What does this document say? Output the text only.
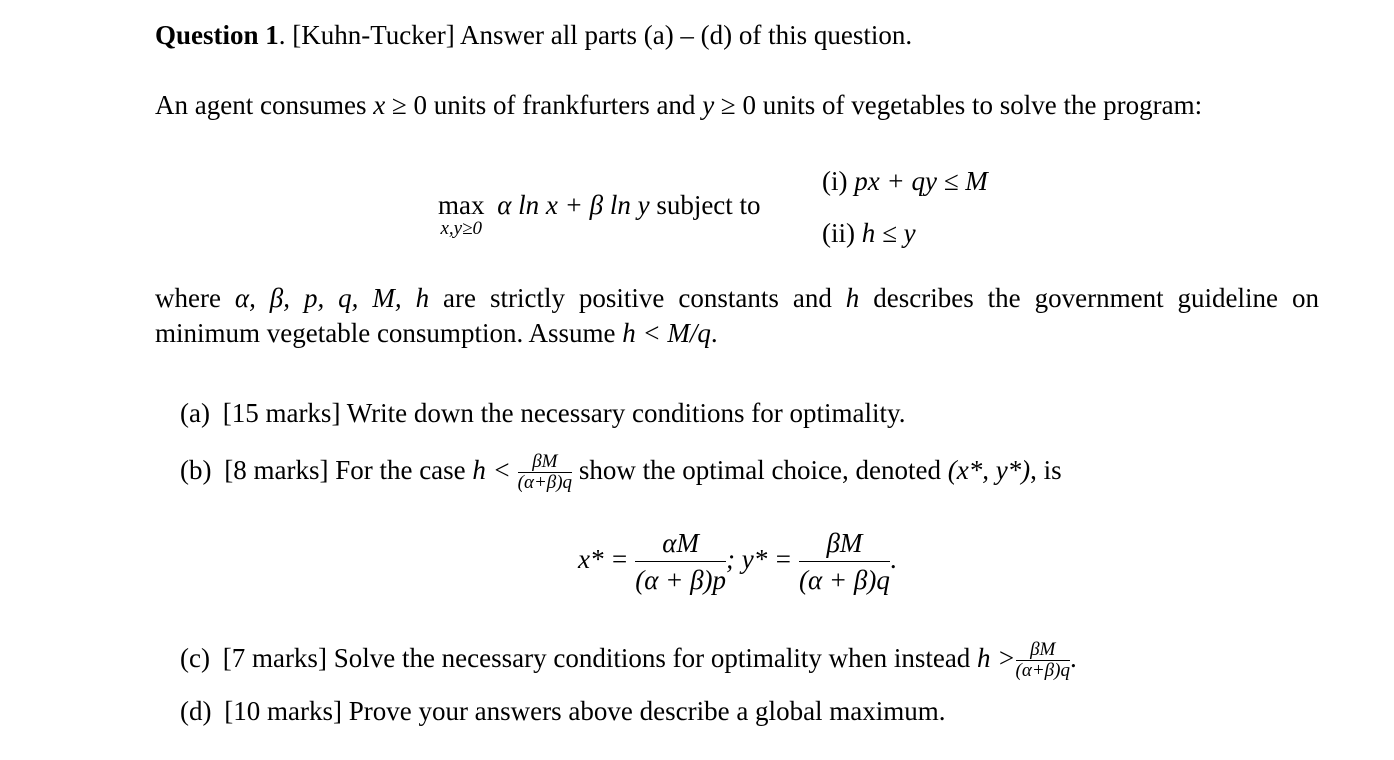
Question 1. [Kuhn-Tucker] Answer all parts (a) – (d) of this question.
An agent consumes x ≥ 0 units of frankfurters and y ≥ 0 units of vegetables to solve the program:
max
x,y≥0
α ln x + β ln y subject to
(i) px + qy ≤ M
(ii) h ≤ y
where α, β, p, q, M, h are strictly positive constants and h describes the government guideline on
minimum vegetable consumption. Assume h < M/q.
(a) [15 marks] Write down the necessary conditions for optimality.
(b) [8 marks] For the case $h < \frac{\beta M}{(\alpha+\beta)q}$ show the optimal choice, denoted (x*, y*), is
$x* = \frac{\alpha M}{(\alpha + \beta)p}$ ; $y* = \frac{\beta M}{(\alpha + \beta)q}$ .
(c) [7 marks] Solve the necessary conditions for optimality when instead $h > \frac{\beta M}{(\alpha+\beta)q}$ .
(d) [10 marks] Prove your answers above describe a global maximum.
